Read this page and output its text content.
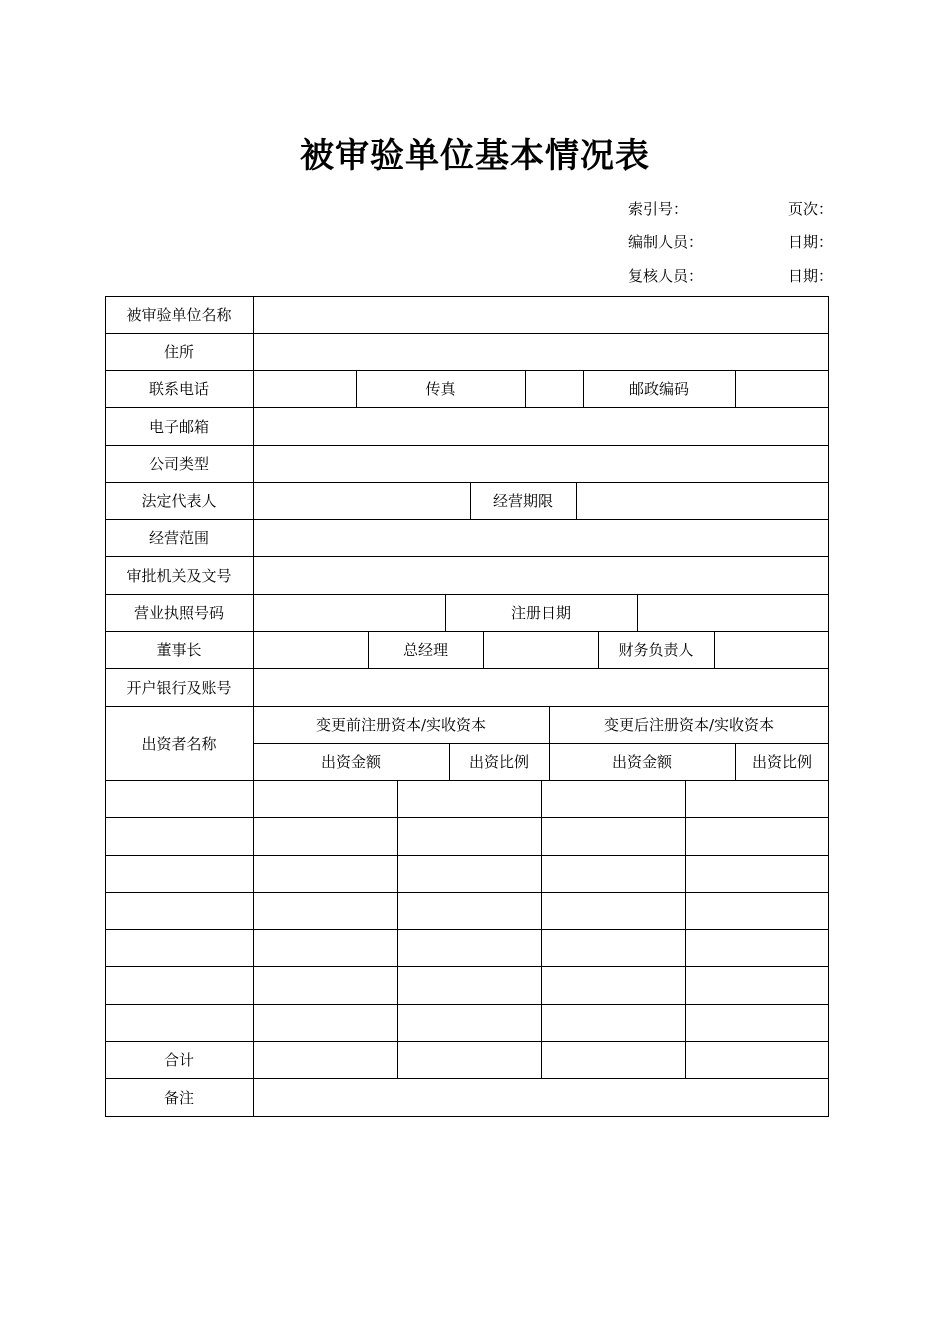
被审验单位基本情况表
索引号：	页次：
编制人员：	日期：
复核人员：	日期：
被审验单位名称
住所
联系电话	传真	邮政编码
电子邮箱
公司类型
法定代表人	经营期限
经营范围
审批机关及文号
营业执照号码	注册日期
董事长	总经理	财务负责人
开户银行及账号
出资者名称
变更前注册资本/实收资本	变更后注册资本/实收资本
出资金额	出资比例	出资金额	出资比例
合计
备注
